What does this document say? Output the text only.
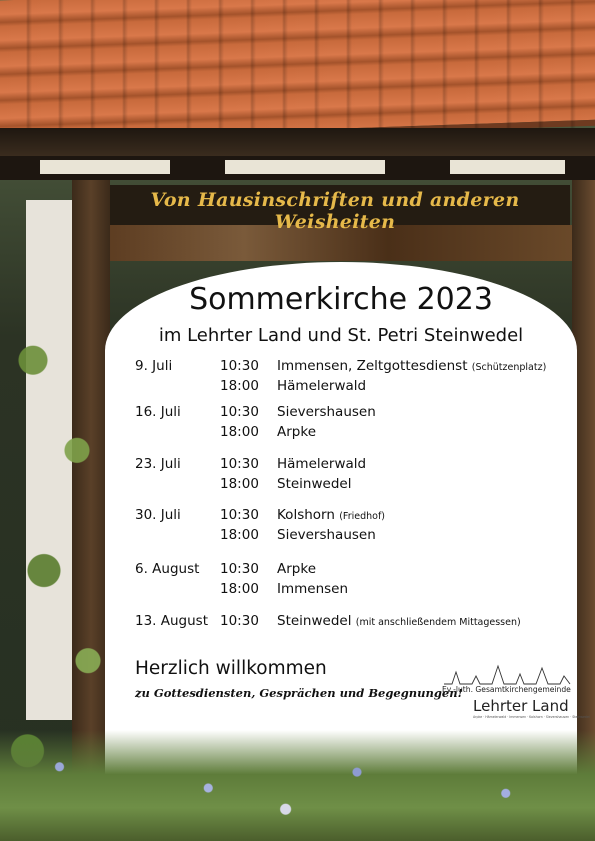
Von Hausinschriften und anderen Weisheiten
Sommerkirche 2023
im Lehrter Land und St. Petri Steinwedel
9. Juli	10:30 Immensen, Zeltgottesdienst (Schützenplatz)
18:00 Hämelerwald
16. Juli	10:30 Sievershausen
18:00 Arpke
23. Juli	10:30 Hämelerwald
18:00 Steinwedel
30. Juli	10:30 Kolshorn (Friedhof)
18:00 Sievershausen
6. August 10:30 Arpke
18:00 Immensen
13. August 10:30 Steinwedel (mit anschließendem Mittagessen)
Herzlich willkommen
zu Gottesdiensten, Gesprächen und Begegnungen!
Ev.-luth. Gesamtkirchengemeinde
Lehrter Land
Arpke · Hämelerwald · Immensen · Kolshorn · Sievershausen · Steinwedel
